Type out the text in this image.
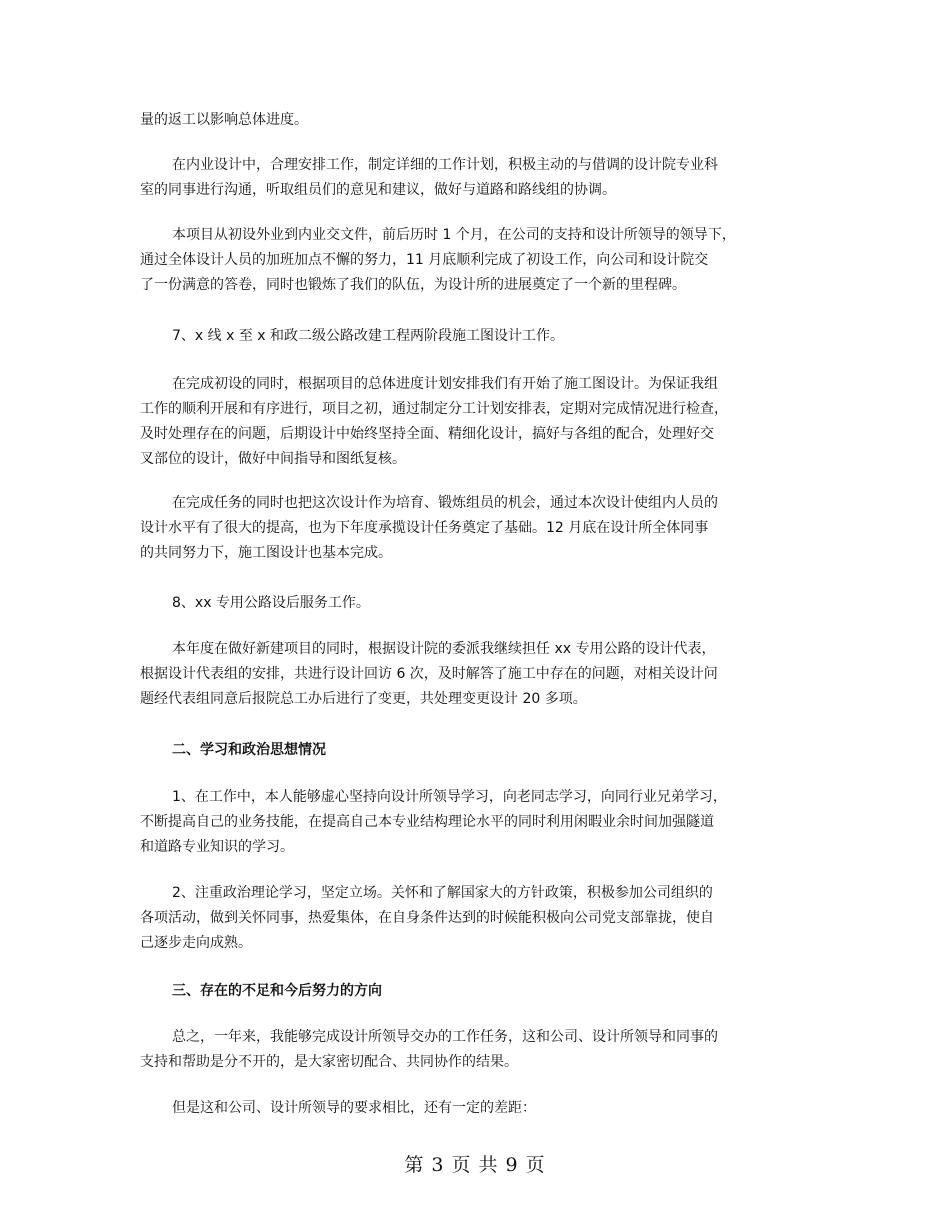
量的返工以影响总体进度。

在内业设计中，合理安排工作，制定详细的工作计划，积极主动的与借调的设计院专业科
室的同事进行沟通，听取组员们的意见和建议，做好与道路和路线组的协调。

本项目从初设外业到内业交文件，前后历时 1 个月，在公司的支持和设计所领导的领导下，
通过全体设计人员的加班加点不懈的努力，11 月底顺利完成了初设工作，向公司和设计院交
了一份满意的答卷，同时也锻炼了我们的队伍，为设计所的进展奠定了一个新的里程碑。

7、x 线 x 至 x 和政二级公路改建工程两阶段施工图设计工作。

在完成初设的同时，根据项目的总体进度计划安排我们有开始了施工图设计。为保证我组
工作的顺利开展和有序进行，项目之初，通过制定分工计划安排表，定期对完成情况进行检查，
及时处理存在的问题，后期设计中始终坚持全面、精细化设计，搞好与各组的配合，处理好交
叉部位的设计，做好中间指导和图纸复核。

在完成任务的同时也把这次设计作为培育、锻炼组员的机会，通过本次设计使组内人员的
设计水平有了很大的提高，也为下年度承揽设计任务奠定了基础。12 月底在设计所全体同事
的共同努力下，施工图设计也基本完成。

8、xx 专用公路设后服务工作。

本年度在做好新建项目的同时，根据设计院的委派我继续担任 xx 专用公路的设计代表，
根据设计代表组的安排，共进行设计回访 6 次，及时解答了施工中存在的问题，对相关设计问
题经代表组同意后报院总工办后进行了变更，共处理变更设计 20 多项。

二、学习和政治思想情况

1、在工作中，本人能够虚心坚持向设计所领导学习，向老同志学习，向同行业兄弟学习，
不断提高自己的业务技能，在提高自己本专业结构理论水平的同时利用闲暇业余时间加强隧道
和道路专业知识的学习。

2、注重政治理论学习，坚定立场。关怀和了解国家大的方针政策，积极参加公司组织的
各项活动，做到关怀同事，热爱集体，在自身条件达到的时候能积极向公司党支部靠拢，使自
己逐步走向成熟。

三、存在的不足和今后努力的方向

总之，一年来，我能够完成设计所领导交办的工作任务，这和公司、设计所领导和同事的
支持和帮助是分不开的，是大家密切配合、共同协作的结果。

但是这和公司、设计所领导的要求相比，还有一定的差距：

第 3 页 共 9 页
